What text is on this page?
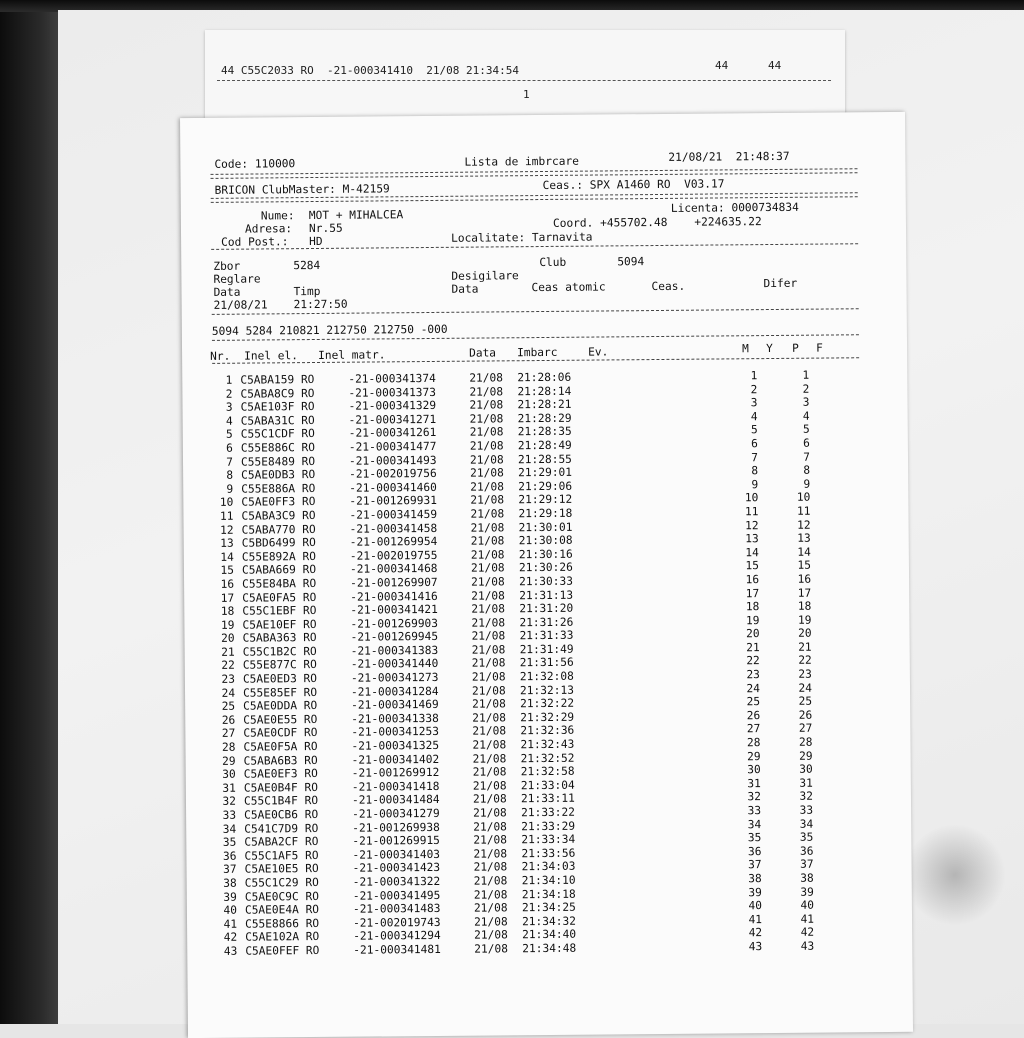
44 C55C2033 RO  -21-000341410  21/08 21:34:54	44	44
1
Code: 110000	Lista de imbrcare	21/08/21  21:48:37
BRICON ClubMaster: M-42159	Ceas.: SPX A1460 RO  V03.17
Nume: MOT + MIHALCEA
Licenta: 0000734834
Adresa: Nr.55	Coord. +455702.48    +224635.22
Cod Post.: HD	Localitate: Tarnavita
Zbor	5284	Club	5094
Reglare	Desigilare
Data	Timp	Data	Ceas atomic	Ceas.	Difer
21/08/21 21:27:50
5094 5284 210821 212750 212750 -000
Nr. Inel el. Inel matr.	Data Imbarc	Ev.	M Y P F
1 C5ABA159 RO	-21-000341374	21/08 21:28:06	1	1
2 C5ABA8C9 RO	-21-000341373	21/08 21:28:14	2	2
3 C5AE103F RO	-21-000341329	21/08 21:28:21	3	3
4 C5ABA31C RO	-21-000341271	21/08 21:28:29	4	4
5 C55C1CDF RO	-21-000341261	21/08 21:28:35	5	5
6 C55E886C RO	-21-000341477	21/08 21:28:49	6	6
7 C55E8489 RO	-21-000341493	21/08 21:28:55	7	7
8 C5AE0DB3 RO	-21-002019756	21/08 21:29:01	8	8
9 C55E886A RO	-21-000341460	21/08 21:29:06	9	9
10 C5AE0FF3 RO	-21-001269931	21/08 21:29:12	10	10
11 C5ABA3C9 RO	-21-000341459	21/08 21:29:18	11	11
12 C5ABA770 RO	-21-000341458	21/08 21:30:01	12	12
13 C5BD6499 RO	-21-001269954	21/08 21:30:08	13	13
14 C55E892A RO	-21-002019755	21/08 21:30:16	14	14
15 C5ABA669 RO	-21-000341468	21/08 21:30:26	15	15
16 C55E84BA RO	-21-001269907	21/08 21:30:33	16	16
17 C5AE0FA5 RO	-21-000341416	21/08 21:31:13	17	17
18 C55C1EBF RO	-21-000341421	21/08 21:31:20	18	18
19 C5AE10EF RO	-21-001269903	21/08 21:31:26	19	19
20 C5ABA363 RO	-21-001269945	21/08 21:31:33	20	20
21 C55C1B2C RO	-21-000341383	21/08 21:31:49	21	21
22 C55E877C RO	-21-000341440	21/08 21:31:56	22	22
23 C5AE0ED3 RO	-21-000341273	21/08 21:32:08	23	23
24 C55E85EF RO	-21-000341284	21/08 21:32:13	24	24
25 C5AE0DDA RO	-21-000341469	21/08 21:32:22	25	25
26 C5AE0E55 RO	-21-000341338	21/08 21:32:29	26	26
27 C5AE0CDF RO	-21-000341253	21/08 21:32:36	27	27
28 C5AE0F5A RO	-21-000341325	21/08 21:32:43	28	28
29 C5ABA6B3 RO	-21-000341402	21/08 21:32:52	29	29
30 C5AE0EF3 RO	-21-001269912	21/08 21:32:58	30	30
31 C5AE0B4F RO	-21-000341418	21/08 21:33:04	31	31
32 C55C1B4F RO	-21-000341484	21/08 21:33:11	32	32
33 C5AE0CB6 RO	-21-000341279	21/08 21:33:22	33	33
34 C541C7D9 RO	-21-001269938	21/08 21:33:29	34	34
35 C5ABA2CF RO	-21-001269915	21/08 21:33:34	35	35
36 C55C1AF5 RO	-21-000341403	21/08 21:33:56	36	36
37 C5AE10E5 RO	-21-000341423	21/08 21:34:03	37	37
38 C55C1C29 RO	-21-000341322	21/08 21:34:10	38	38
39 C5AE0C9C RO	-21-000341495	21/08 21:34:18	39	39
40 C5AE0E4A RO	-21-000341483	21/08 21:34:25	40	40
41 C55E8866 RO	-21-002019743	21/08 21:34:32	41	41
42 C5AE102A RO	-21-000341294	21/08 21:34:40	42	42
43 C5AE0FEF RO	-21-000341481	21/08 21:34:48	43	43
